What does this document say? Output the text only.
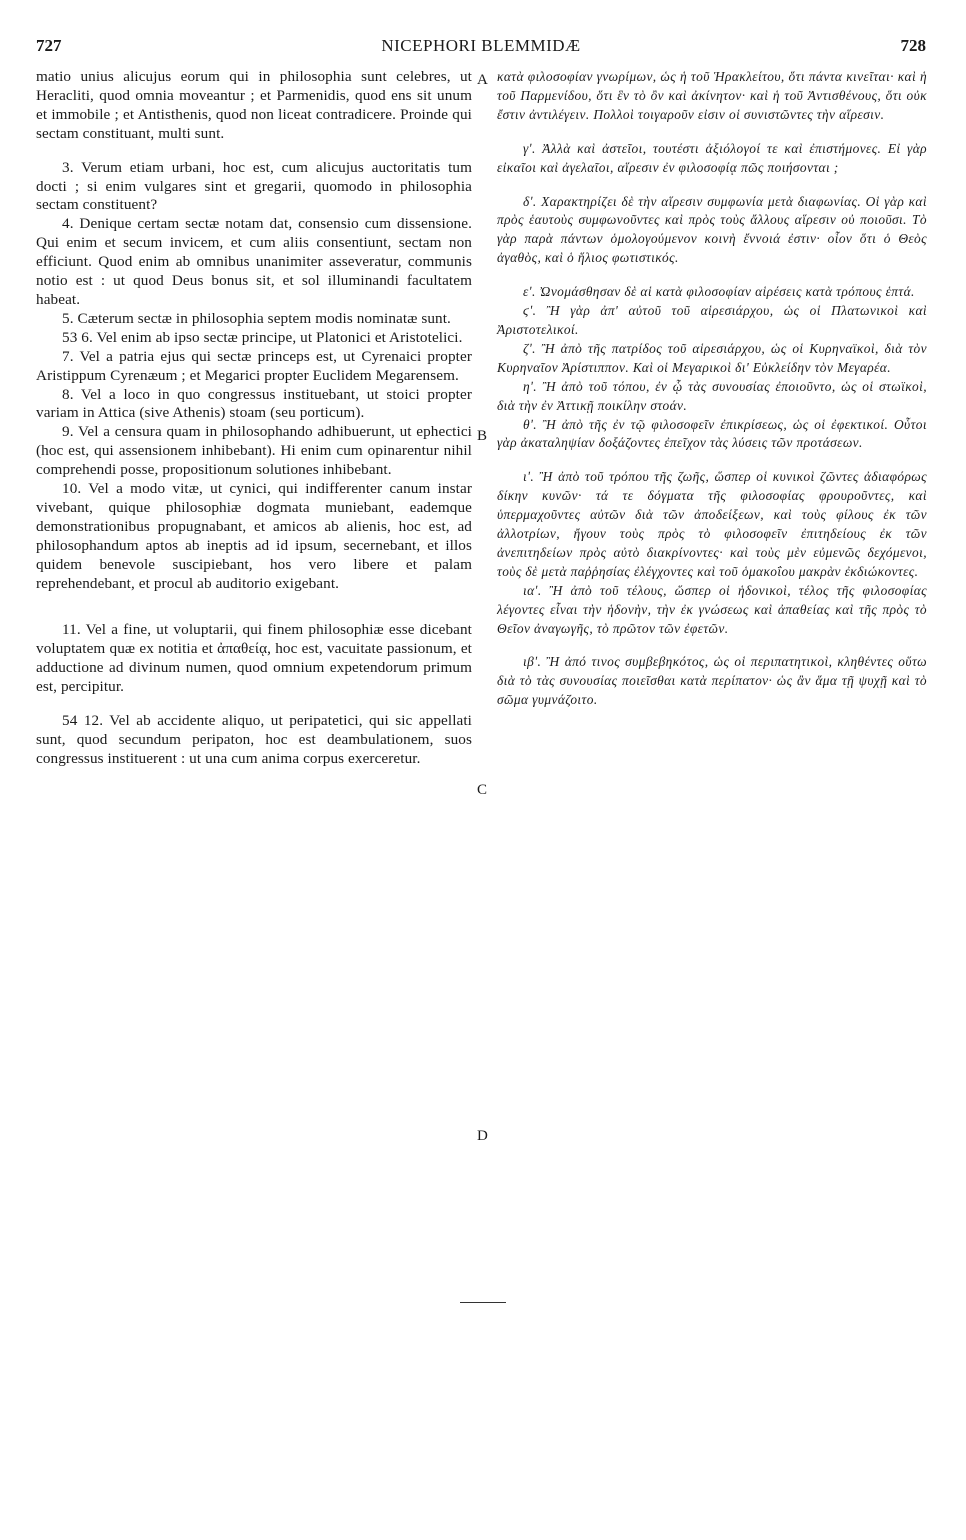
727	NICEPHORI BLEMMIDÆ	728

matio unius alicujus eorum qui in philosophia sunt celebres, ut Heracliti, quod omnia moveantur ; et Parmenidis, quod ens sit unum et immobile ; et Antisthenis, quod non liceat contradicere. Proinde qui sectam constituant, multi sunt.

3. Verum etiam urbani, hoc est, cum alicujus auctoritatis tum docti ; si enim vulgares sint et gregarii, quomodo in philosophia sectam constituent?

4. Denique certam sectæ notam dat, consensio cum dissensione. Qui enim et secum invicem, et cum aliis consentiunt, sectam non efficiunt. Quod enim ab omnibus unanimiter asseveratur, communis notio est : ut quod Deus bonus sit, et sol illuminandi facultatem habeat.

5. Cæterum sectæ in philosophia septem modis nominatæ sunt.

53 6. Vel enim ab ipso sectæ principe, ut Platonici et Aristotelici.

7. Vel a patria ejus qui sectæ princeps est, ut Cyrenaici propter Aristippum Cyrenæum ; et Megarici propter Euclidem Megarensem.

8. Vel a loco in quo congressus instituebant, ut stoici propter variam in Attica (sive Athenis) stoam (seu porticum).

9. Vel a censura quam in philosophando adhibuerunt, ut ephectici (hoc est, qui assensionem inhibebant). Hi enim cum opinarentur nihil comprehendi posse, propositionum solutiones inhibebant.

10. Vel a modo vitæ, ut cynici, qui indifferenter canum instar vivebant, quique philosophiæ dogmata muniebant, eademque demonstrationibus propugnabant, et amicos ab alienis, hoc est, ad philosophandum aptos ab ineptis ad id ipsum, secernebant, et illos quidem benevole suscipiebant, hos vero libere et palam reprehendebant, et procul ab auditorio exigebant.

11. Vel a fine, ut voluptarii, qui finem philosophiæ esse dicebant voluptatem quæ ex notitia et ἀπαθείᾳ, hoc est, vacuitate passionum, et adductione ad divinum numen, quod omnium expetendorum primum est, percipitur.

54 12. Vel ab accidente aliquo, ut peripatetici, qui sic appellati sunt, quod secundum peripaton, hoc est deambulationem, suos congressus instituerent : ut una cum anima corpus exerceretur.

κατὰ φιλοσοφίαν γνωρίμων, ὡς ἡ τοῦ Ἡρακλείτου, ὅτι πάντα κινεῖται· καὶ ἡ τοῦ Παρμενίδου, ὅτι ἓν τὸ ὂν καὶ ἀκίνητον· καὶ ἡ τοῦ Ἀντισθένους, ὅτι οὐκ ἔστιν ἀντιλέγειν. Πολλοὶ τοιγαροῦν εἰσιν οἱ συνιστῶντες τὴν αἵρεσιν.

γʹ. Ἀλλὰ καὶ ἀστεῖοι, τουτέστι ἀξιόλογοί τε καὶ ἐπιστήμονες. Εἰ γὰρ εἰκαῖοι καὶ ἀγελαῖοι, αἵρεσιν ἐν φιλοσοφίᾳ πῶς ποιήσονται ;

δʹ. Χαρακτηρίζει δὲ τὴν αἵρεσιν συμφωνία μετὰ διαφωνίας. Οἱ γὰρ καὶ πρὸς ἑαυτοὺς συμφωνοῦντες καὶ πρὸς τοὺς ἄλλους αἵρεσιν οὐ ποιοῦσι. Τὸ γὰρ παρὰ πάντων ὁμολογούμενον κοινὴ ἔννοιά ἐστιν· οἷον ὅτι ὁ Θεὸς ἀγαθὸς, καὶ ὁ ἥλιος φωτιστικός.

εʹ. Ὠνομάσθησαν δὲ αἱ κατὰ φιλοσοφίαν αἱρέσεις κατὰ τρόπους ἑπτά.

ϛʹ. Ἢ γὰρ ἀπ' αὐτοῦ τοῦ αἱρεσιάρχου, ὡς οἱ Πλατωνικοὶ καὶ Ἀριστοτελικοί.

ζʹ. Ἢ ἀπὸ τῆς πατρίδος τοῦ αἱρεσιάρχου, ὡς οἱ Κυρηναϊκοὶ, διὰ τὸν Κυρηναῖον Ἀρίστιππον. Καὶ οἱ Μεγαρικοὶ δι' Εὐκλείδην τὸν Μεγαρέα.

ηʹ. Ἢ ἀπὸ τοῦ τόπου, ἐν ᾧ τὰς συνουσίας ἐποιοῦντο, ὡς οἱ στωϊκοὶ, διὰ τὴν ἐν Ἀττικῇ ποικίλην στοάν.

θʹ. Ἢ ἀπὸ τῆς ἐν τῷ φιλοσοφεῖν ἐπικρίσεως, ὡς οἱ ἐφεκτικοί. Οὗτοι γὰρ ἀκαταληψίαν δοξάζοντες ἐπεῖχον τὰς λύσεις τῶν προτάσεων.

ιʹ. Ἢ ἀπὸ τοῦ τρόπου τῆς ζωῆς, ὥσπερ οἱ κυνικοὶ ζῶντες ἀδιαφόρως δίκην κυνῶν· τά τε δόγματα τῆς φιλοσοφίας φρουροῦντες, καὶ ὑπερμαχοῦντες αὐτῶν διὰ τῶν ἀποδείξεων, καὶ τοὺς φίλους ἐκ τῶν ἀλλοτρίων, ἤγουν τοὺς πρὸς τὸ φιλοσοφεῖν ἐπιτηδείους ἐκ τῶν ἀνεπιτηδείων πρὸς αὐτὸ διακρίνοντες· καὶ τοὺς μὲν εὐμενῶς δεχόμενοι, τοὺς δὲ μετὰ παῤῥησίας ἐλέγχοντες καὶ τοῦ ὁμακοΐου μακρὰν ἐκδιώκοντες.

ιαʹ. Ἢ ἀπὸ τοῦ τέλους, ὥσπερ οἱ ἡδονικοὶ, τέλος τῆς φιλοσοφίας λέγοντες εἶναι τὴν ἡδονὴν, τὴν ἐκ γνώσεως καὶ ἀπαθείας καὶ τῆς πρὸς τὸ Θεῖον ἀναγωγῆς, τὸ πρῶτον τῶν ἐφετῶν.

ιβʹ. Ἢ ἀπό τινος συμβεβηκότος, ὡς οἱ περιπατητικοὶ, κληθέντες οὕτω διὰ τὸ τὰς συνουσίας ποιεῖσθαι κατὰ περίπατον· ὡς ἂν ἅμα τῇ ψυχῇ καὶ τὸ σῶμα γυμνάζοιτο.

A
B
C
D
